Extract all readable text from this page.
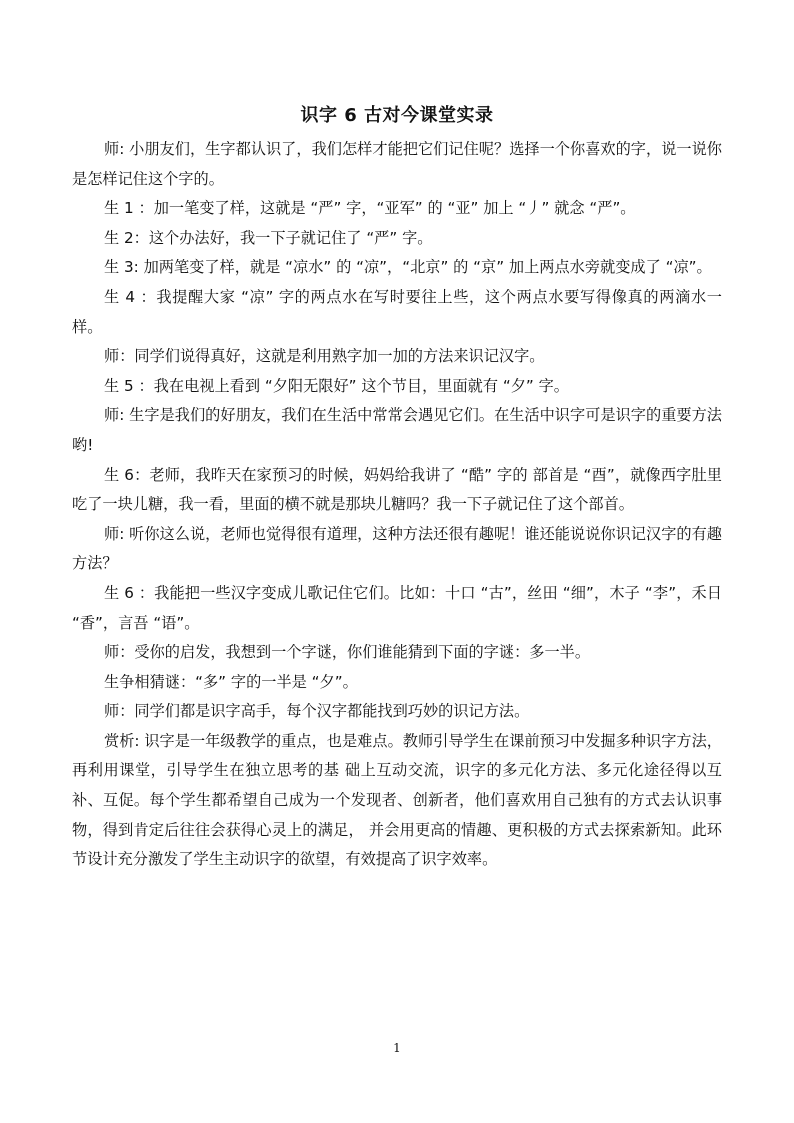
识字 6 古对今课堂实录

师: 小朋友们，生字都认识了，我们怎样才能把它们记住呢？选择一个你喜欢的字，说一说你是怎样记住这个字的。

生 1 ：加一笔变了样，这就是 “严” 字，“亚军” 的 “亚” 加上 “丿” 就念 “严”。

生 2：这个办法好，我一下子就记住了 “严” 字。

生 3: 加两笔变了样，就是 “凉水” 的 “凉”，“北京” 的 “京” 加上两点水旁就变成了 “凉”。

生 4 ：我提醒大家 “凉” 字的两点水在写时要往上些，这个两点水要写得像真的两滴水一样。

师：同学们说得真好，这就是利用熟字加一加的方法来识记汉字。

生 5 ：我在电视上看到 “夕阳无限好” 这个节目，里面就有 “夕” 字。

师: 生字是我们的好朋友，我们在生活中常常会遇见它们。在生活中识字可是识字的重要方法哟!

生 6：老师，我昨天在家预习的时候，妈妈给我讲了 “酷” 字的 部首是 “酉”，就像西字肚里吃了一块儿糖，我一看，里面的横不就是那块儿糖吗？我一下子就记住了这个部首。

师: 听你这么说，老师也觉得很有道理，这种方法还很有趣呢！谁还能说说你识记汉字的有趣方法？

生 6 ：我能把一些汉字变成儿歌记住它们。比如：十口 “古”，丝田 “细”，木子 “李”，禾日 “香”，言吾 “语”。

师：受你的启发，我想到一个字谜，你们谁能猜到下面的字谜：多一半。

生争相猜谜：“多” 字的一半是 “夕”。

师：同学们都是识字高手，每个汉字都能找到巧妙的识记方法。

赏析: 识字是一年级教学的重点，也是难点。教师引导学生在课前预习中发掘多种识字方法，再利用课堂，引导学生在独立思考的基 础上互动交流，识字的多元化方法、多元化途径得以互补、互促。每个学生都希望自己成为一个发现者、创新者，他们喜欢用自己独有的方式去认识事物，得到肯定后往往会获得心灵上的满足， 并会用更高的情趣、更积极的方式去探索新知。此环节设计充分激发了学生主动识字的欲望，有效提高了识字效率。

1
